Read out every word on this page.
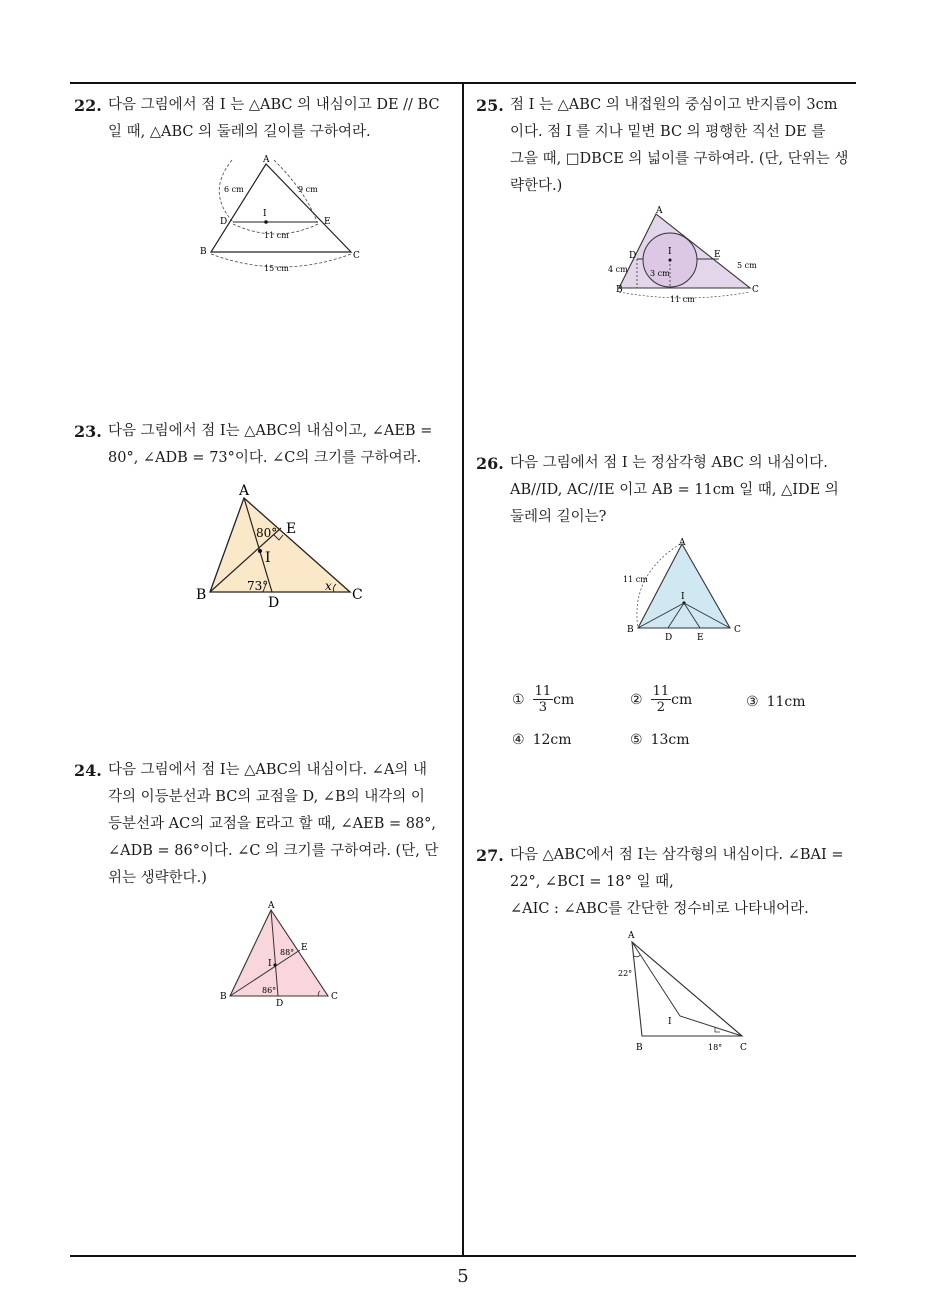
22. 다음 그림에서 점 I 는 △ABC 의 내심이고 DE // BC

일 때, △ABC 의 둘레의 길이를 구하여라.

A
B	C
D	E
I
6 cm	9 cm
11 cm
15 cm
23. 다음 그림에서 점 I는 △ABC의 내심이고, ∠AEB =

80°, ∠ADB = 73°이다. ∠C의 크기를 구하여라.

A
B	C
D
E
I
80°
73°	x
24. 다음 그림에서 점 I는 △ABC의 내심이다. ∠A의 내

각의 이등분선과 BC의 교점을 D, ∠B의 내각의 이

등분선과 AC의 교점을 E라고 할 때, ∠AEB = 88°,

∠ADB = 86°이다. ∠C 의 크기를 구하여라. (단, 단

위는 생략한다.)

A
B	C
D
E
I
88°
86°
25. 점 I 는 △ABC 의 내접원의 중심이고 반지름이 3cm

이다. 점 I 를 지나 밑변 BC 의 평행한 직선 DE 를

그을 때, □DBCE 의 넓이를 구하여라. (단, 단위는 생

략한다.)

A
B	C
D	E
I
4 cm	3 cm
5 cm
11 cm
26. 다음 그림에서 점 I 는 정삼각형 ABC 의 내심이다.

AB//ID, AC//IE 이고 AB = 11cm 일 때, △IDE 의

둘레의 길이는?

A
B	C
D	E
I
11 cm
① $\frac{11}{3}$ cm	② $\frac{11}{2}$ cm	③ 11cm
④ 12cm	⑤ 13cm
27. 다음 △ABC에서 점 I는 삼각형의 내심이다. ∠BAI =

22°, ∠BCI = 18° 일 때,

∠AIC : ∠ABC를 간단한 정수비로 나타내어라.

A
B	C
I
22°
18°
5
